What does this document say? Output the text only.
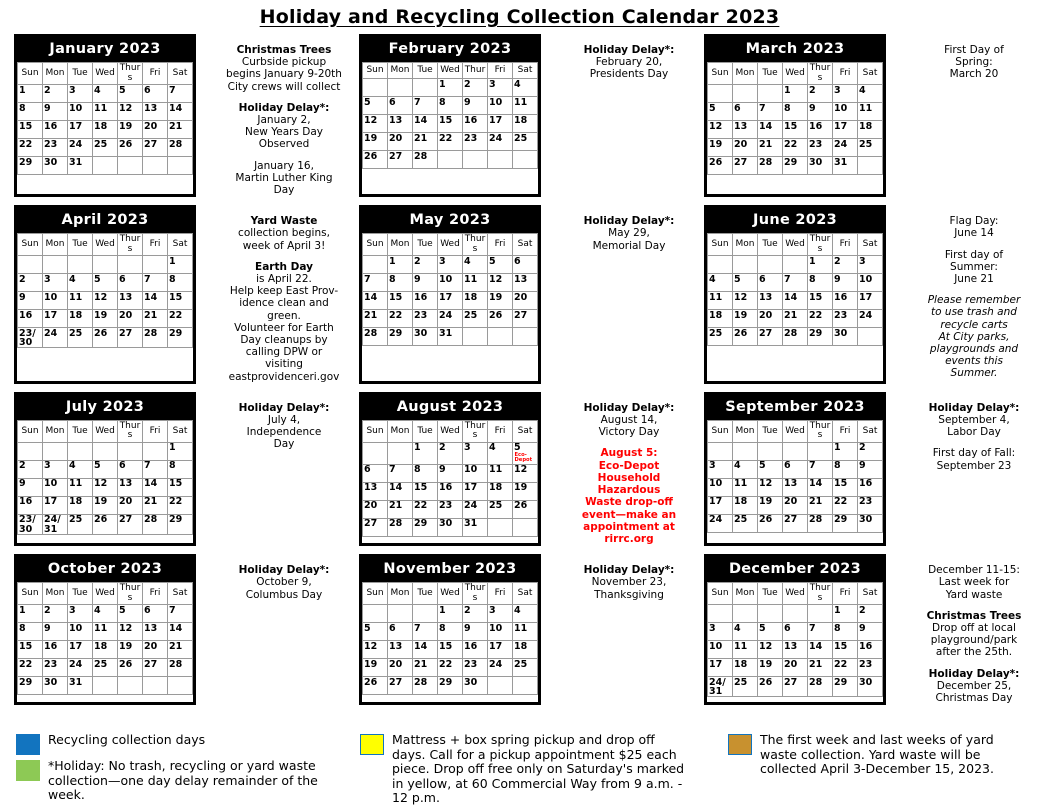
Holiday and Recycling Collection Calendar 2023
January 2023
Sun	Mon	Tue	Wed	Thurs	Fri	Sat

1	2	3	4	5	6	7

8	9	10	11	12	13	14

15	16	17	18	19	20	21

22	23	24	25	26	27	28

29	30	31				

Christmas Trees
Curbside pickup
begins January 9-20th
City crews will collect
Holiday Delay*:
January 2,
New Years Day
Observed
January 16,
Martin Luther King
Day
February 2023
Sun	Mon	Tue	Wed	Thur	Fri	Sat

			1	2	3	4

5	6	7	8	9	10	11

12	13	14	15	16	17	18

19	20	21	22	23	24	25

26	27	28				

Holiday Delay*:
February 20,
Presidents Day
March 2023
Sun	Mon	Tue	Wed	Thurs	Fri	Sat

			1	2	3	4

5	6	7	8	9	10	11

12	13	14	15	16	17	18

19	20	21	22	23	24	25

26	27	28	29	30	31	

First Day of
Spring:
March 20
April 2023
Sun	Mon	Tue	Wed	Thurs	Fri	Sat

						1

2	3	4	5	6	7	8

9	10	11	12	13	14	15

16	17	18	19	20	21	22

23/
30	24	25	26	27	28	29
Yard Waste
collection begins,
week of April 3!
Earth Day
is April 22.
Help keep East Prov-
idence clean and
green.
Volunteer for Earth
Day cleanups by
calling DPW or
visiting
eastprovidenceri.gov
May 2023
Sun	Mon	Tue	Wed	Thurs	Fri	Sat

	1	2	3	4	5	6

7	8	9	10	11	12	13

14	15	16	17	18	19	20

21	22	23	24	25	26	27

28	29	30	31			

Holiday Delay*:
May 29,
Memorial Day
June 2023
Sun	Mon	Tue	Wed	Thurs	Fri	Sat

				1	2	3

4	5	6	7	8	9	10

11	12	13	14	15	16	17

18	19	20	21	22	23	24

25	26	27	28	29	30	

Flag Day:
June 14
First day of
Summer:
June 21
Please remember
to use trash and
recycle carts
At City parks,
playgrounds and
events this
Summer.
July 2023
Sun	Mon	Tue	Wed	Thurs	Fri	Sat

						1

2	3	4	5	6	7	8

9	10	11	12	13	14	15

16	17	18	19	20	21	22

23/
30	24/
31	25	26	27	28	29
Holiday Delay*:
July 4,
Independence
Day
August 2023
Sun	Mon	Tue	Wed	Thurs	Fri	Sat

		1	2	3	4	5Eco-Depot

6	7	8	9	10	11	12

13	14	15	16	17	18	19

20	21	22	23	24	25	26

27	28	29	30	31		

Holiday Delay*:
August 14,
Victory Day
August 5:
Eco-Depot
Household
Hazardous
Waste drop-off
event—make an
appointment at
rirrc.org
September 2023
Sun	Mon	Tue	Wed	Thur s	Fri	Sat

					1	2

3	4	5	6	7	8	9

10	11	12	13	14	15	16

17	18	19	20	21	22	23

24	25	26	27	28	29	30
Holiday Delay*:
September 4,
Labor Day
First day of Fall:
September 23
October 2023
Sun	Mon	Tue	Wed	Thurs	Fri	Sat

1	2	3	4	5	6	7

8	9	10	11	12	13	14

15	16	17	18	19	20	21

22	23	24	25	26	27	28

29	30	31				

Holiday Delay*:
October 9,
Columbus Day
November 2023
Sun	Mon	Tue	Wed	Thurs	Fri	Sat

			1	2	3	4

5	6	7	8	9	10	11

12	13	14	15	16	17	18

19	20	21	22	23	24	25

26	27	28	29	30		

Holiday Delay*:
November 23,
Thanksgiving
December 2023
Sun	Mon	Tue	Wed	Thurs	Fri	Sat

					1	2

3	4	5	6	7	8	9

10	11	12	13	14	15	16

17	18	19	20	21	22	23

24/
31	25	26	27	28	29	30
December 11-15:
Last week for
Yard waste
Christmas Trees
Drop off at local
playground/park
after the 25th.
Holiday Delay*:
December 25,
Christmas Day
Recycling collection days
*Holiday: No trash, recycling or yard waste collection—one day delay remainder of the week.
Mattress + box spring pickup and drop off days. Call for a pickup appointment $25 each piece. Drop off free only on Saturday's marked in yellow, at 60 Commercial Way from 9 a.m. - 12 p.m.
The first week and last weeks of yard waste collection. Yard waste will be collected April 3-December 15, 2023.
